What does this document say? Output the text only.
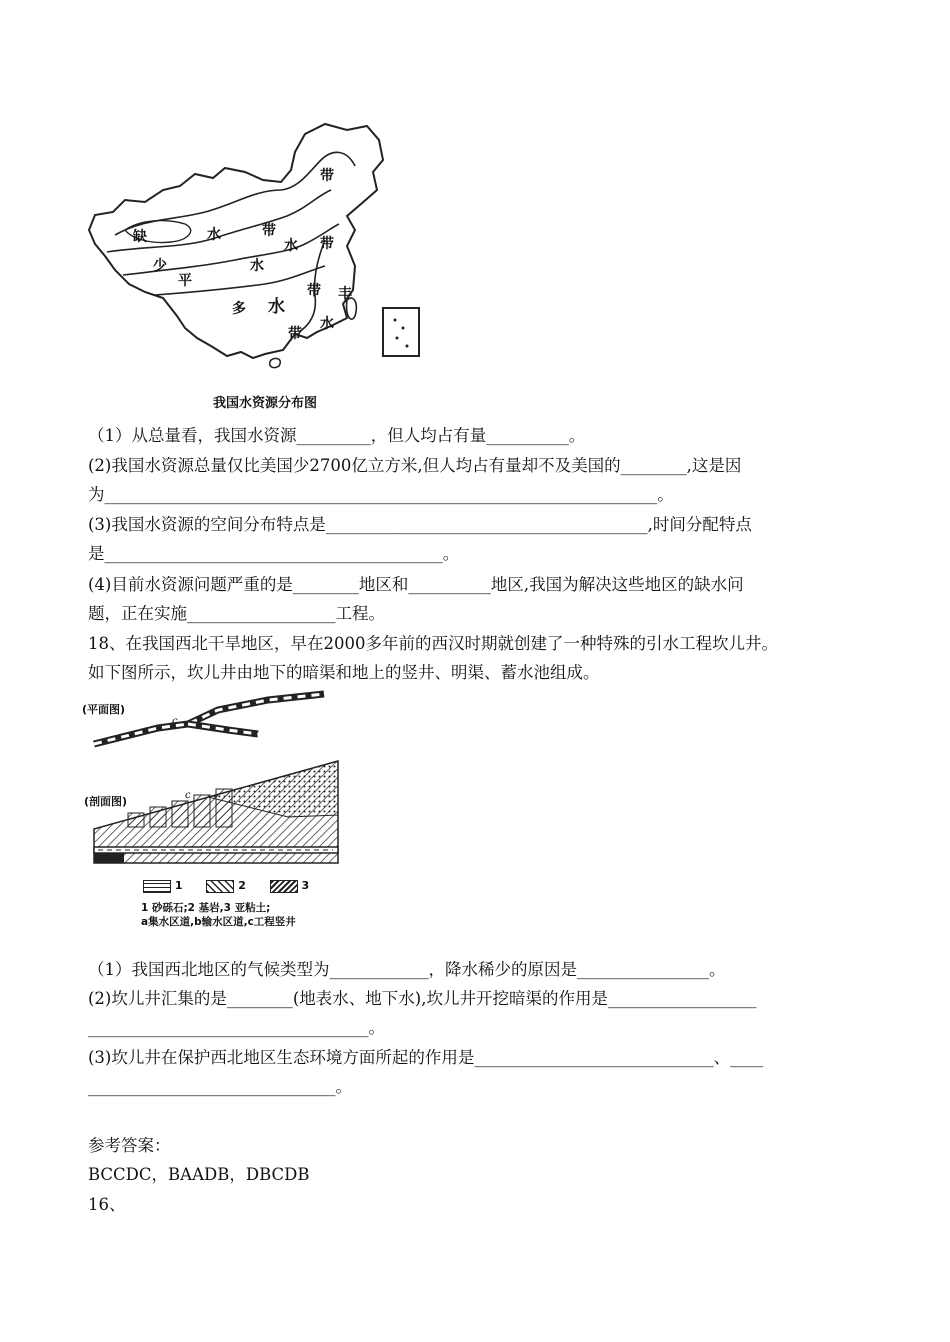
带
缺	水	带
水 带
少	水
平
多 水
带 丰
水
带
我国水资源分布图
（1）从总量看，我国水资源_________，但人均占有量__________。
(2)我国水资源总量仅比美国少2700亿立方米,但人均占有量却不及美国的________,这是因
为___________________________________________________________________。
(3)我国水资源的空间分布特点是_______________________________________,时间分配特点
是_________________________________________。
(4)目前水资源问题严重的是________地区和__________地区,我国为解决这些地区的缺水问
题，正在实施__________________工程。
18、在我国西北干旱地区，早在2000多年前的西汉时期就创建了一种特殊的引水工程坎儿井。
如下图所示，坎儿井由地下的暗渠和地上的竖井、明渠、蓄水池组成。
(平面图)
c
(剖面图)	c
1	2	3
1 砂砾石;2 基岩,3 亚粘土;
a集水区道,b输水区道,c工程竖井
（1）我国西北地区的气候类型为____________，降水稀少的原因是________________。
(2)坎儿井汇集的是________(地表水、地下水),坎儿井开挖暗渠的作用是__________________
__________________________________。
(3)坎儿井在保护西北地区生态环境方面所起的作用是_____________________________、____
______________________________。
参考答案：
BCCDC，BAADB，DBCDB
16、
